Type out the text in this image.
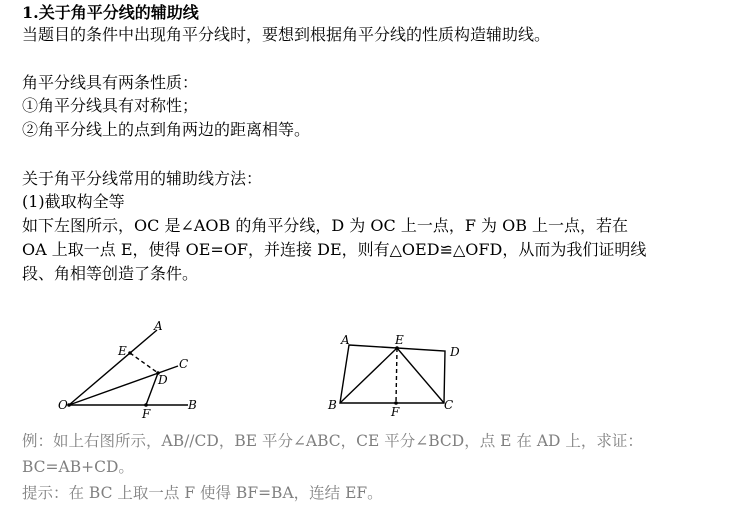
1.关于角平分线的辅助线
当题目的条件中出现角平分线时，要想到根据角平分线的性质构造辅助线。
角平分线具有两条性质：
①角平分线具有对称性；
②角平分线上的点到角两边的距离相等。
关于角平分线常用的辅助线方法：
(1)截取构全等
如下左图所示，OC 是∠AOB 的角平分线，D 为 OC 上一点，F 为 OB 上一点，若在
OA 上取一点 E，使得 OE=OF，并连接 DE，则有△OED≌△OFD，从而为我们证明线
段、角相等创造了条件。
A
E
C
D
O
F
B
A	E
D
B	F	C
例：如上右图所示，AB//CD，BE 平分∠ABC，CE 平分∠BCD，点 E 在 AD 上，求证：
BC=AB+CD。
提示：在 BC 上取一点 F 使得 BF=BA，连结 EF。
